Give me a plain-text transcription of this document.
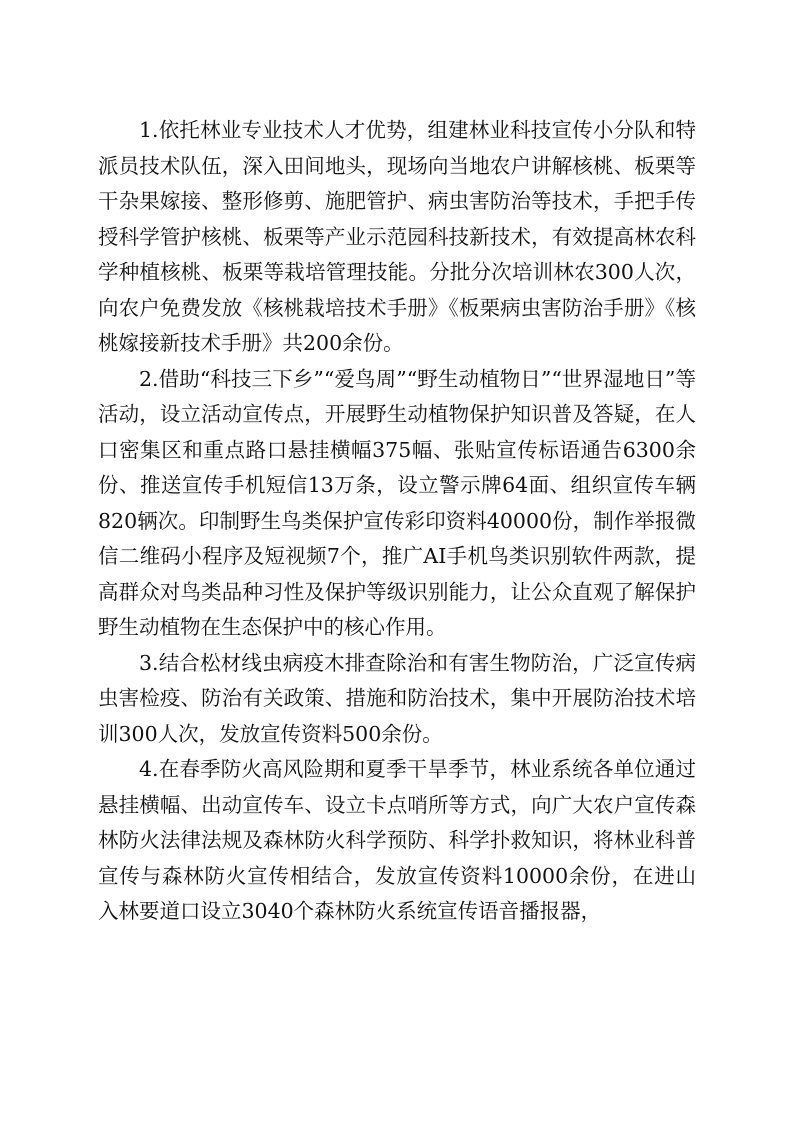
1.依托林业专业技术人才优势，组建林业科技宣传小分队和特派员技术队伍，深入田间地头，现场向当地农户讲解核桃、板栗等干杂果嫁接、整形修剪、施肥管护、病虫害防治等技术，手把手传授科学管护核桃、板栗等产业示范园科技新技术，有效提高林农科学种植核桃、板栗等栽培管理技能。分批分次培训林农300人次，向农户免费发放《核桃栽培技术手册》《板栗病虫害防治手册》《核桃嫁接新技术手册》共200余份。

2.借助“科技三下乡”“爱鸟周”“野生动植物日”“世界湿地日”等活动，设立活动宣传点，开展野生动植物保护知识普及答疑，在人口密集区和重点路口悬挂横幅375幅、张贴宣传标语通告6300余份、推送宣传手机短信13万条，设立警示牌64面、组织宣传车辆820辆次。印制野生鸟类保护宣传彩印资料40000份，制作举报微信二维码小程序及短视频7个，推广AI手机鸟类识别软件两款，提高群众对鸟类品种习性及保护等级识别能力，让公众直观了解保护野生动植物在生态保护中的核心作用。

3.结合松材线虫病疫木排查除治和有害生物防治，广泛宣传病虫害检疫、防治有关政策、措施和防治技术，集中开展防治技术培训300人次，发放宣传资料500余份。

4.在春季防火高风险期和夏季干旱季节，林业系统各单位通过悬挂横幅、出动宣传车、设立卡点哨所等方式，向广大农户宣传森林防火法律法规及森林防火科学预防、科学扑救知识，将林业科普宣传与森林防火宣传相结合，发放宣传资料10000余份，在进山入林要道口设立3040个森林防火系统宣传语音播报器，
